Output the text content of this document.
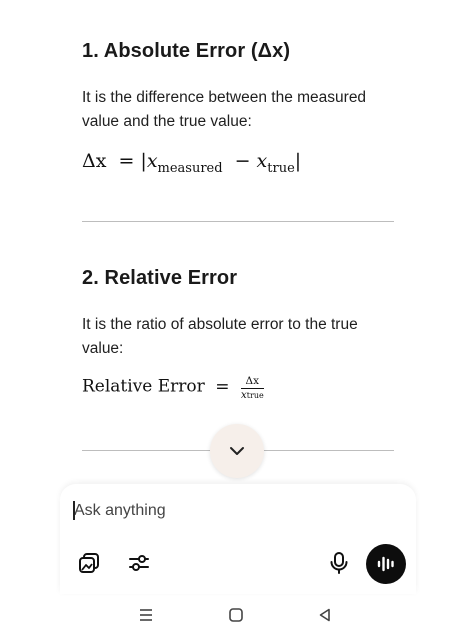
1. Absolute Error (Δx)
It is the difference between the measured value and the true value:
$\Delta x = |x_{measured} - x_{true}|$
2. Relative Error
It is the ratio of absolute error to the true value:
Relative Error = $\frac{\Delta x}{\text{xtrue}}$
Ask anything
